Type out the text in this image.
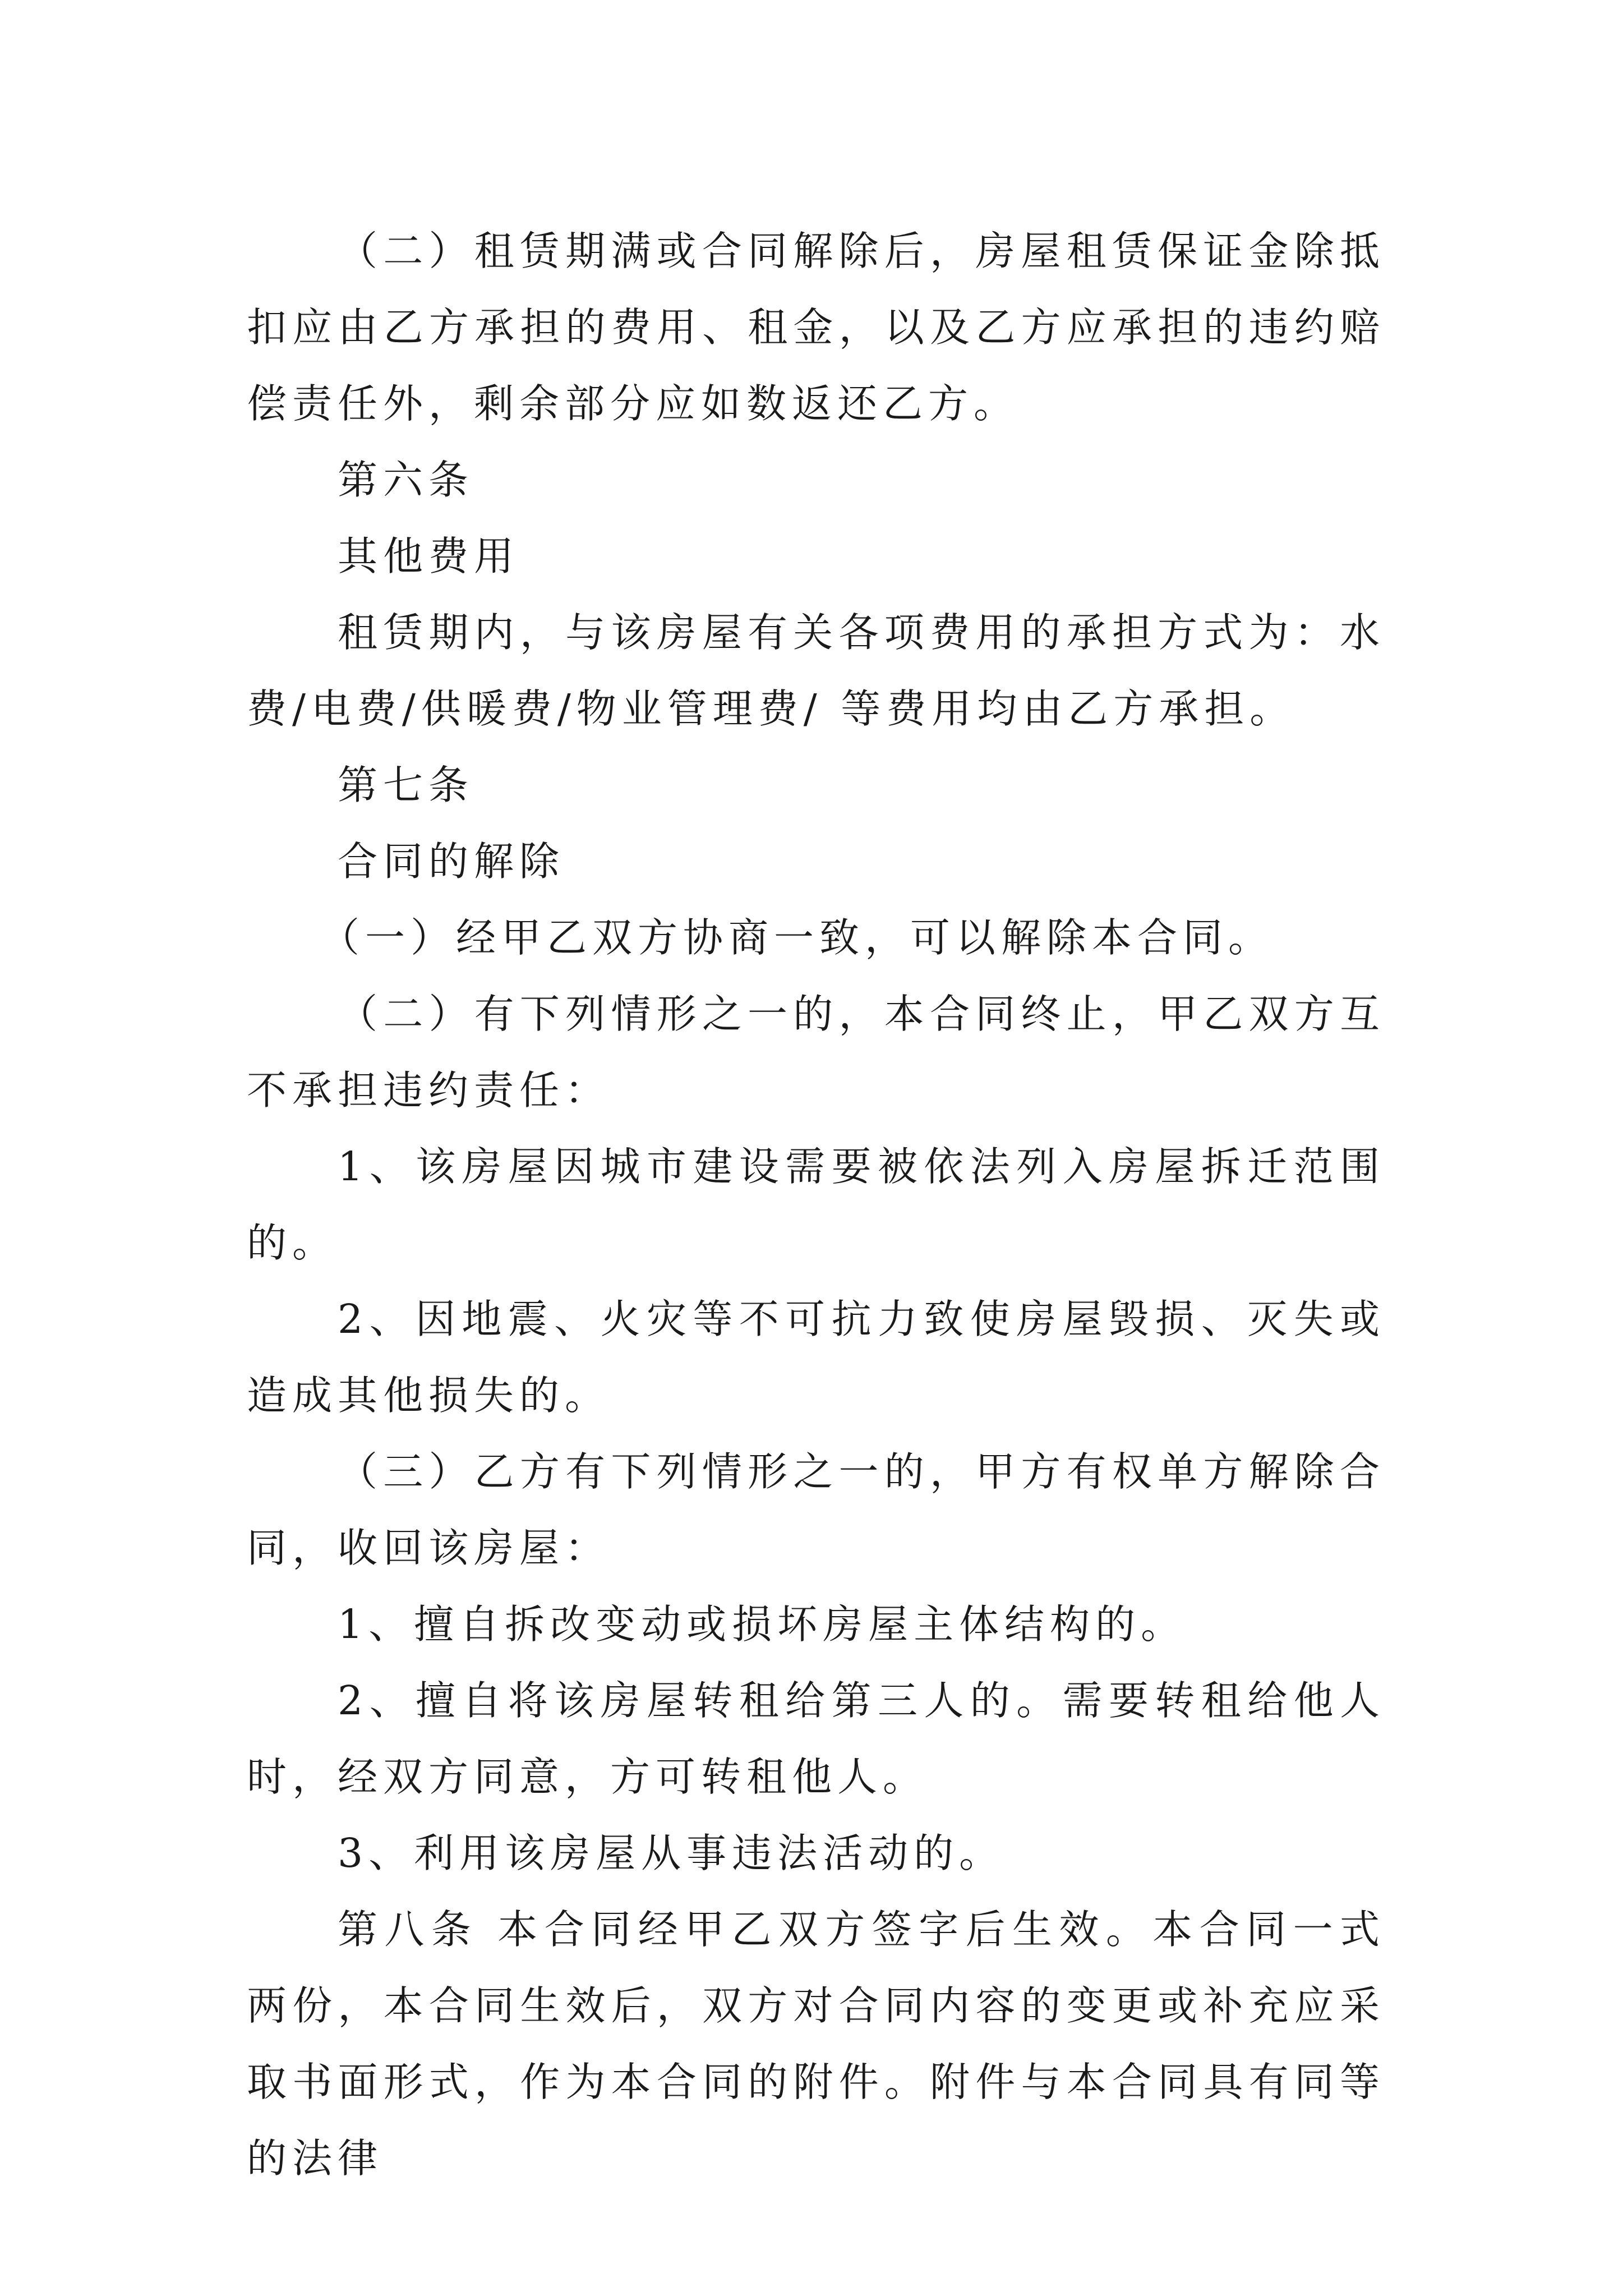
（二）租赁期满或合同解除后，房屋租赁保证金除抵扣应由乙方承担的费用、租金，以及乙方应承担的违约赔偿责任外，剩余部分应如数返还乙方。

第六条

其他费用

租赁期内，与该房屋有关各项费用的承担方式为：水费/电费/供暖费/物业管理费/ 等费用均由乙方承担。

第七条

合同的解除

（一）经甲乙双方协商一致，可以解除本合同。

（二）有下列情形之一的，本合同终止，甲乙双方互不承担违约责任：

1、该房屋因城市建设需要被依法列入房屋拆迁范围的。

2、因地震、火灾等不可抗力致使房屋毁损、灭失或造成其他损失的。

（三）乙方有下列情形之一的，甲方有权单方解除合同，收回该房屋：

1、擅自拆改变动或损坏房屋主体结构的。

2、擅自将该房屋转租给第三人的。需要转租给他人时，经双方同意，方可转租他人。

3、利用该房屋从事违法活动的。

第八条 本合同经甲乙双方签字后生效。本合同一式两份，本合同生效后，双方对合同内容的变更或补充应采取书面形式，作为本合同的附件。附件与本合同具有同等的法律
